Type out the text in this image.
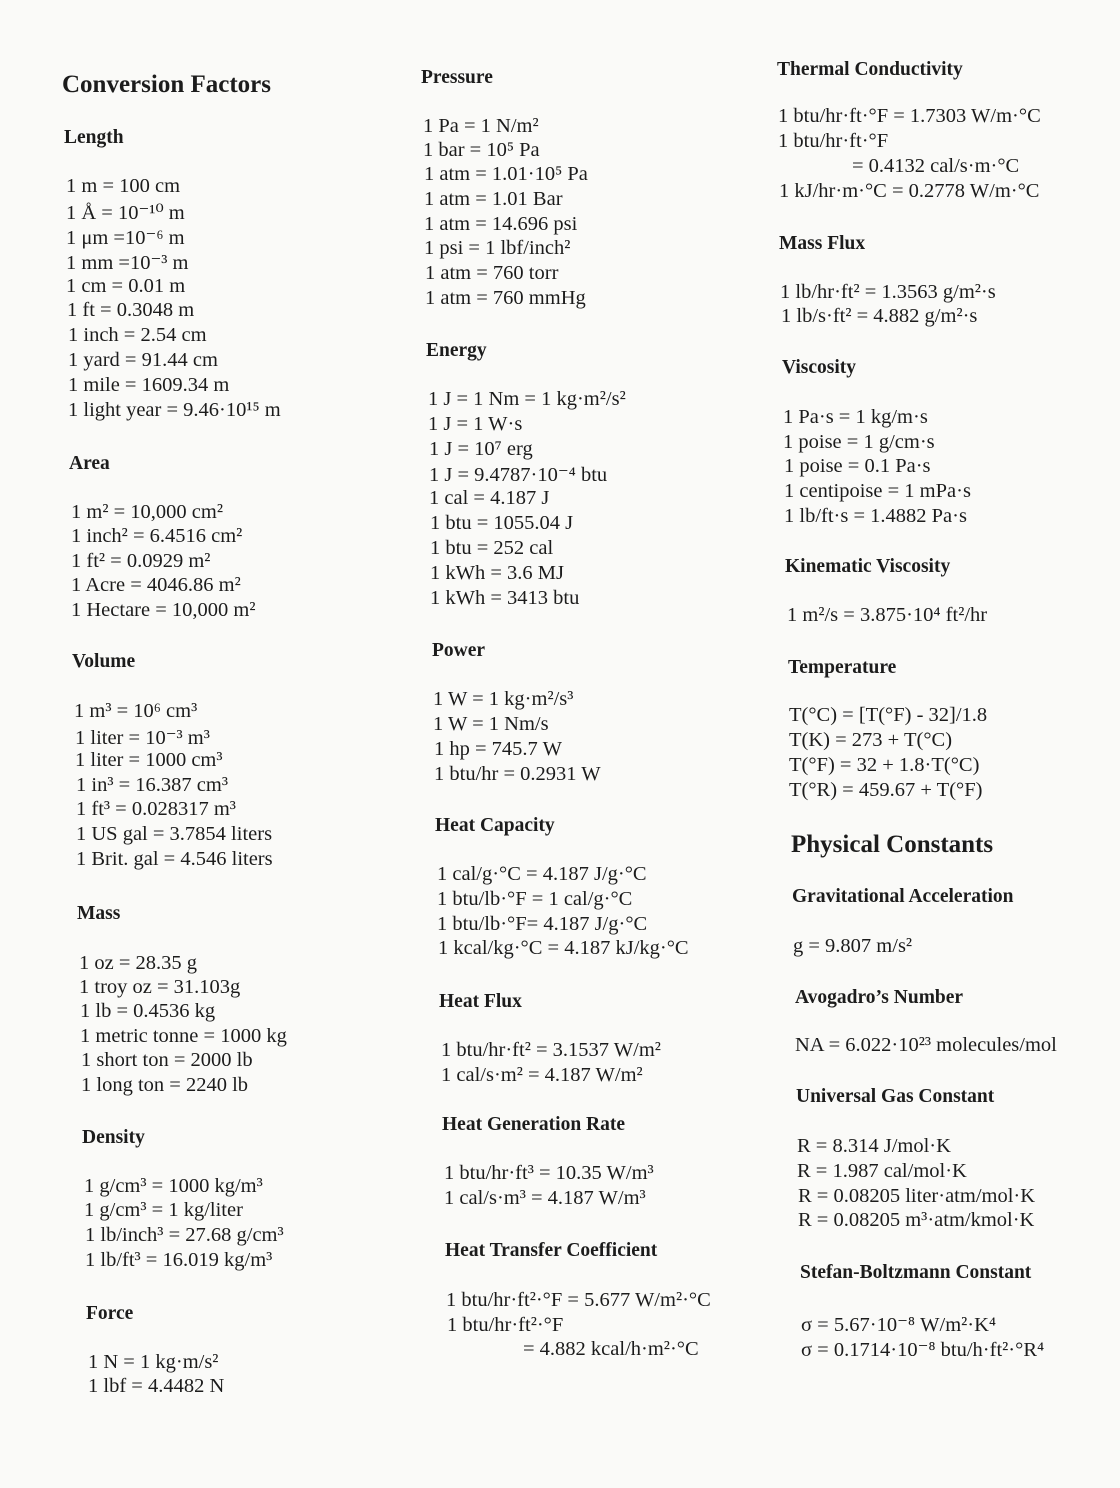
Conversion Factors
Length
1 m = 100 cm
1 Å = 10⁻¹⁰ m
1 μm =10⁻⁶ m
1 mm =10⁻³ m
1 cm = 0.01 m
1 ft = 0.3048 m
1 inch = 2.54 cm
1 yard = 91.44 cm
1 mile = 1609.34 m
1 light year = 9.46·10¹⁵ m
Area
1 m² = 10,000 cm²
1 inch² = 6.4516 cm²
1 ft² = 0.0929 m²
1 Acre = 4046.86 m²
1 Hectare = 10,000 m²
Volume
1 m³ = 10⁶ cm³
1 liter = 10⁻³ m³
1 liter = 1000 cm³
1 in³ = 16.387 cm³
1 ft³ = 0.028317 m³
1 US gal = 3.7854 liters
1 Brit. gal = 4.546 liters
Mass
1 oz = 28.35 g
1 troy oz = 31.103g
1 lb = 0.4536 kg
1 metric tonne = 1000 kg
1 short ton = 2000 lb
1 long ton = 2240 lb
Density
1 g/cm³ = 1000 kg/m³
1 g/cm³ = 1 kg/liter
1 lb/inch³ = 27.68 g/cm³
1 lb/ft³ = 16.019 kg/m³
Force
1 N = 1 kg·m/s²
1 lbf = 4.4482 N
Pressure
1 Pa = 1 N/m²
1 bar = 10⁵ Pa
1 atm = 1.01·10⁵ Pa
1 atm = 1.01 Bar
1 atm = 14.696 psi
1 psi = 1 lbf/inch²
1 atm = 760 torr
1 atm = 760 mmHg
Energy
1 J = 1 Nm = 1 kg·m²/s²
1 J = 1 W·s
1 J = 10⁷ erg
1 J = 9.4787·10⁻⁴ btu
1 cal = 4.187 J
1 btu = 1055.04 J
1 btu = 252 cal
1 kWh = 3.6 MJ
1 kWh = 3413 btu
Power
1 W = 1 kg·m²/s³
1 W = 1 Nm/s
1 hp = 745.7 W
1 btu/hr = 0.2931 W
Heat Capacity
1 cal/g·°C = 4.187 J/g·°C
1 btu/lb·°F = 1 cal/g·°C
1 btu/lb·°F= 4.187 J/g·°C
1 kcal/kg·°C = 4.187 kJ/kg·°C
Heat Flux
1 btu/hr·ft² = 3.1537 W/m²
1 cal/s·m² = 4.187 W/m²
Heat Generation Rate
1 btu/hr·ft³ = 10.35 W/m³
1 cal/s·m³ = 4.187 W/m³
Heat Transfer Coefficient
1 btu/hr·ft²·°F = 5.677 W/m²·°C
1 btu/hr·ft²·°F
= 4.882 kcal/h·m²·°C
Thermal Conductivity
1 btu/hr·ft·°F = 1.7303 W/m·°C
1 btu/hr·ft·°F
= 0.4132 cal/s·m·°C
1 kJ/hr·m·°C = 0.2778 W/m·°C
Mass Flux
1 lb/hr·ft² = 1.3563 g/m²·s
1 lb/s·ft² = 4.882 g/m²·s
Viscosity
1 Pa·s = 1 kg/m·s
1 poise = 1 g/cm·s
1 poise = 0.1 Pa·s
1 centipoise = 1 mPa·s
1 lb/ft·s = 1.4882 Pa·s
Kinematic Viscosity
1 m²/s = 3.875·10⁴ ft²/hr
Temperature
T(°C) = [T(°F) - 32]/1.8
T(K) = 273 + T(°C)
T(°F) = 32 + 1.8·T(°C)
T(°R) = 459.67 + T(°F)
Physical Constants
Gravitational Acceleration
g = 9.807 m/s²
Avogadro’s Number
NA = 6.022·10²³ molecules/mol
Universal Gas Constant
R = 8.314 J/mol·K
R = 1.987 cal/mol·K
R = 0.08205 liter·atm/mol·K
R = 0.08205 m³·atm/kmol·K
Stefan-Boltzmann Constant
σ = 5.67·10⁻⁸ W/m²·K⁴
σ = 0.1714·10⁻⁸ btu/h·ft²·°R⁴
